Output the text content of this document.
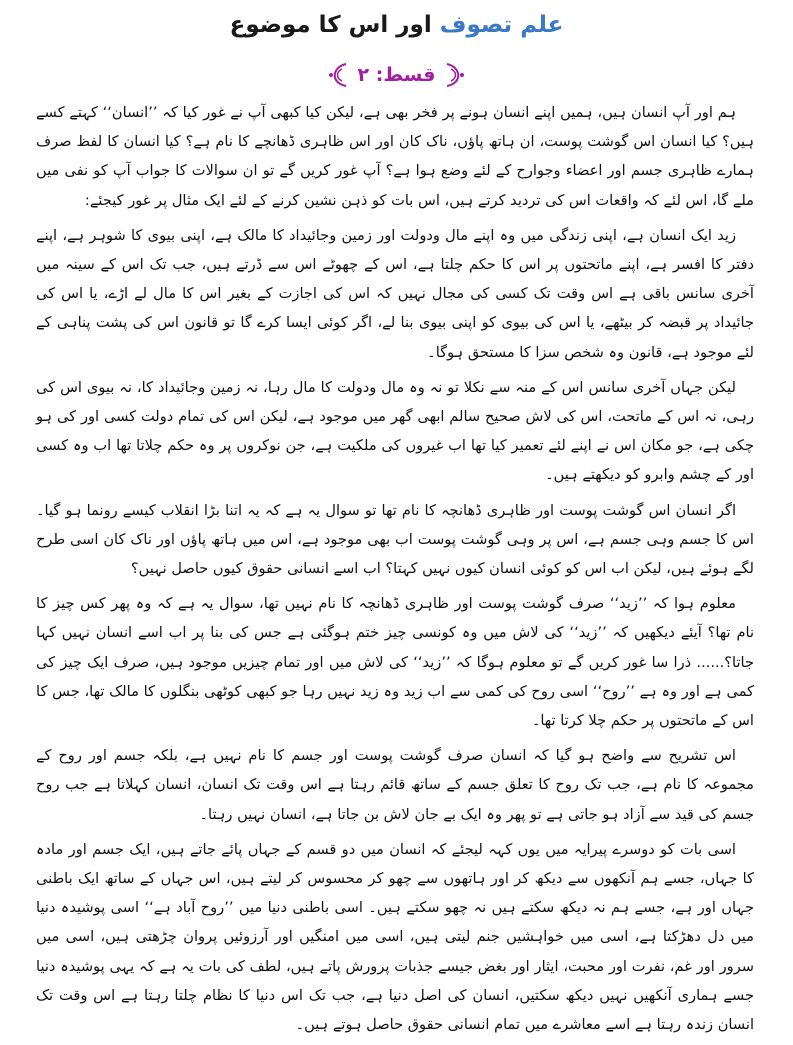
علم تصوف اور اس کا موضوع
قسط: ۲

ہم اور آپ انسان ہیں، ہمیں اپنے انسان ہونے پر فخر بھی ہے، لیکن کیا کبھی آپ نے غور کیا کہ ’’انسان‘‘ کہتے کسے ہیں؟ کیا انسان اس گوشت پوست، ان ہاتھ پاؤں، ناک کان اور اس ظاہری ڈھانچے کا نام ہے؟ کیا انسان کا لفظ صرف ہمارے ظاہری جسم اور اعضاء وجوارح کے لئے وضع ہوا ہے؟ آپ غور کریں گے تو ان سوالات کا جواب آپ کو نفی میں ملے گا، اس لئے کہ واقعات اس کی تردید کرتے ہیں، اس بات کو ذہن نشین کرنے کے لئے ایک مثال پر غور کیجئے:

زید ایک انسان ہے، اپنی زندگی میں وہ اپنے مال ودولت اور زمین وجائیداد کا مالک ہے، اپنی بیوی کا شوہر ہے، اپنے دفتر کا افسر ہے، اپنے ماتحتوں پر اس کا حکم چلتا ہے، اس کے چھوٹے اس سے ڈرتے ہیں، جب تک اس کے سینہ میں آخری سانس باقی ہے اس وقت تک کسی کی مجال نہیں کہ اس کی اجازت کے بغیر اس کا مال لے اڑے، یا اس کی جائیداد پر قبضہ کر بیٹھے، یا اس کی بیوی کو اپنی بیوی بنا لے، اگر کوئی ایسا کرے گا تو قانون اس کی پشت پناہی کے لئے موجود ہے، قانون وہ شخص سزا کا مستحق ہوگا۔

لیکن جہاں آخری سانس اس کے منہ سے نکلا تو نہ وہ مال ودولت کا مال رہا، نہ زمین وجائیداد کا، نہ بیوی اس کی رہی، نہ اس کے ماتحت، اس کی لاش صحیح سالم ابھی گھر میں موجود ہے، لیکن اس کی تمام دولت کسی اور کی ہو چکی ہے، جو مکان اس نے اپنے لئے تعمیر کیا تھا اب غیروں کی ملکیت ہے، جن نوکروں پر وہ حکم چلاتا تھا اب وہ کسی اور کے چشم وابرو کو دیکھتے ہیں۔

اگر انسان اس گوشت پوست اور ظاہری ڈھانچہ کا نام تھا تو سوال یہ ہے کہ یہ اتنا بڑا انقلاب کیسے رونما ہو گیا۔ اس کا جسم وہی جسم ہے، اس پر وہی گوشت پوست اب بھی موجود ہے، اس میں ہاتھ پاؤں اور ناک کان اسی طرح لگے ہوئے ہیں، لیکن اب اس کو کوئی انسان کیوں نہیں کہتا؟ اب اسے انسانی حقوق کیوں حاصل نہیں؟

معلوم ہوا کہ ’’زید‘‘ صرف گوشت پوست اور ظاہری ڈھانچہ کا نام نہیں تھا، سوال یہ ہے کہ وہ پھر کس چیز کا نام تھا؟ آیئے دیکھیں کہ ’’زید‘‘ کی لاش میں وہ کونسی چیز ختم ہوگئی ہے جس کی بنا پر اب اسے انسان نہیں کہا جاتا؟...... ذرا سا غور کریں گے تو معلوم ہوگا کہ ’’زید‘‘ کی لاش میں اور تمام چیزیں موجود ہیں، صرف ایک چیز کی کمی ہے اور وہ ہے ’’روح‘‘ اسی روح کی کمی سے اب زید وہ زید نہیں رہا جو کبھی کوٹھی بنگلوں کا مالک تھا، جس کا اس کے ماتحتوں پر حکم چلا کرتا تھا۔

اس تشریح سے واضح ہو گیا کہ انسان صرف گوشت پوست اور جسم کا نام نہیں ہے، بلکہ جسم اور روح کے مجموعہ کا نام ہے، جب تک روح کا تعلق جسم کے ساتھ قائم رہتا ہے اس وقت تک انسان، انسان کہلاتا ہے جب روح جسم کی قید سے آزاد ہو جاتی ہے تو پھر وہ ایک بے جان لاش بن جاتا ہے، انسان نہیں رہتا۔

اسی بات کو دوسرے پیرایہ میں یوں کہہ لیجئے کہ انسان میں دو قسم کے جہاں پائے جاتے ہیں، ایک جسم اور مادہ کا جہاں، جسے ہم آنکھوں سے دیکھ کر اور ہاتھوں سے چھو کر محسوس کر لیتے ہیں، اس جہاں کے ساتھ ایک باطنی جہاں اور ہے، جسے ہم نہ دیکھ سکتے ہیں نہ چھو سکتے ہیں۔ اسی باطنی دنیا میں ’’روح آباد ہے‘‘ اسی پوشیدہ دنیا میں دل دھڑکتا ہے، اسی میں خواہشیں جنم لیتی ہیں، اسی میں امنگیں اور آرزوئیں پروان چڑھتی ہیں، اسی میں سرور اور غم، نفرت اور محبت، ایثار اور بغض جیسے جذبات پرورش پاتے ہیں، لطف کی بات یہ ہے کہ یہی پوشیدہ دنیا جسے ہماری آنکھیں نہیں دیکھ سکتیں، انسان کی اصل دنیا ہے، جب تک اس دنیا کا نظام چلتا رہتا ہے اس وقت تک انسان زندہ رہتا ہے اسے معاشرے میں تمام انسانی حقوق حاصل ہوتے ہیں۔
